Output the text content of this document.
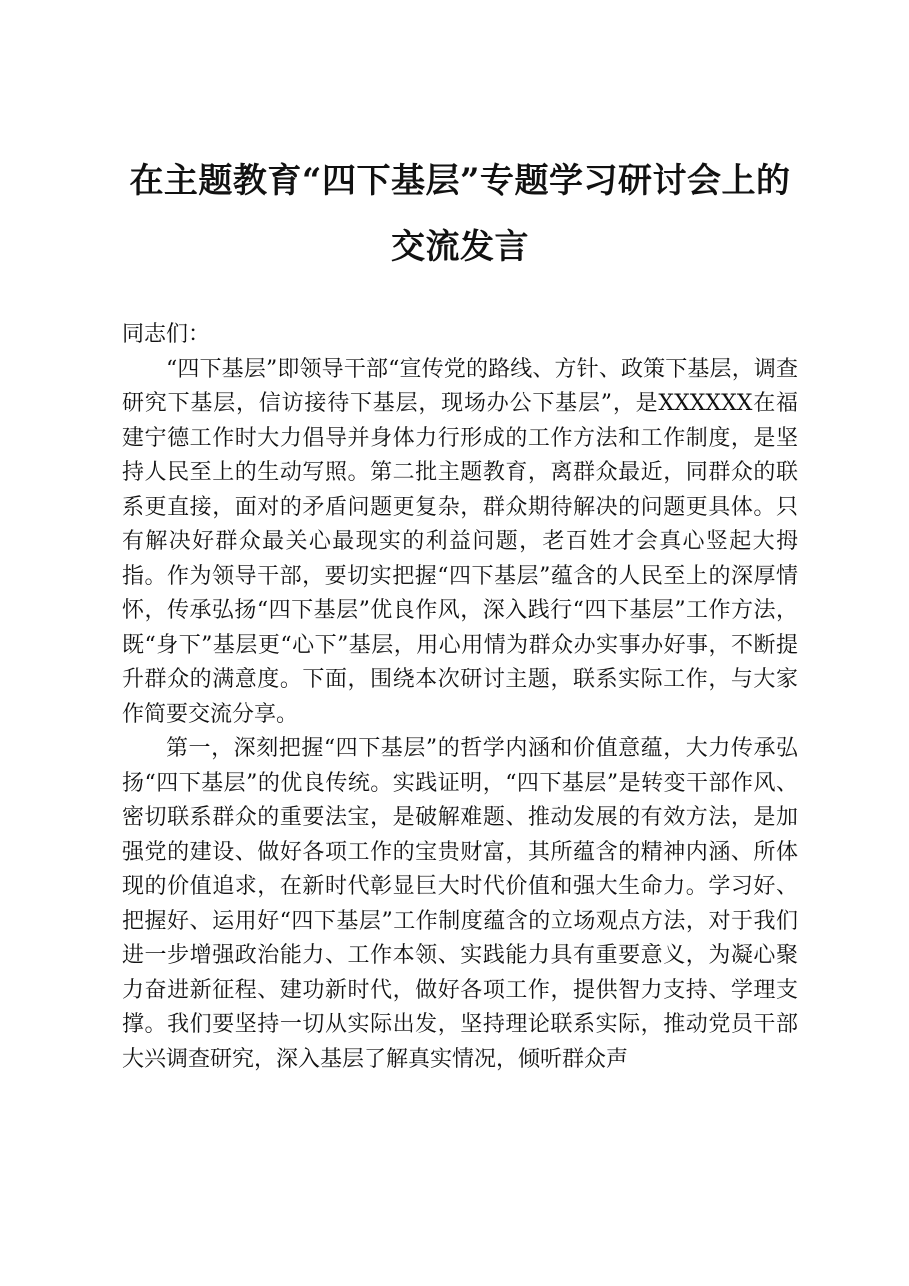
在主题教育“四下基层”专题学习研讨会上的
交流发言

同志们：

“四下基层”即领导干部“宣传党的路线、方针、政策下基层，调查研究下基层，信访接待下基层，现场办公下基层”，是XXXXXX在福建宁德工作时大力倡导并身体力行形成的工作方法和工作制度，是坚持人民至上的生动写照。第二批主题教育，离群众最近，同群众的联系更直接，面对的矛盾问题更复杂，群众期待解决的问题更具体。只有解决好群众最关心最现实的利益问题，老百姓才会真心竖起大拇指。作为领导干部，要切实把握“四下基层”蕴含的人民至上的深厚情怀，传承弘扬“四下基层”优良作风，深入践行“四下基层”工作方法，既“身下”基层更“心下”基层，用心用情为群众办实事办好事，不断提升群众的满意度。下面，围绕本次研讨主题，联系实际工作，与大家作简要交流分享。

第一，深刻把握“四下基层”的哲学内涵和价值意蕴，大力传承弘扬“四下基层”的优良传统。实践证明，“四下基层”是转变干部作风、密切联系群众的重要法宝，是破解难题、推动发展的有效方法，是加强党的建设、做好各项工作的宝贵财富，其所蕴含的精神内涵、所体现的价值追求，在新时代彰显巨大时代价值和强大生命力。学习好、把握好、运用好“四下基层”工作制度蕴含的立场观点方法，对于我们进一步增强政治能力、工作本领、实践能力具有重要意义，为凝心聚力奋进新征程、建功新时代，做好各项工作，提供智力支持、学理支撑。我们要坚持一切从实际出发，坚持理论联系实际，推动党员干部大兴调查研究，深入基层了解真实情况，倾听群众声
